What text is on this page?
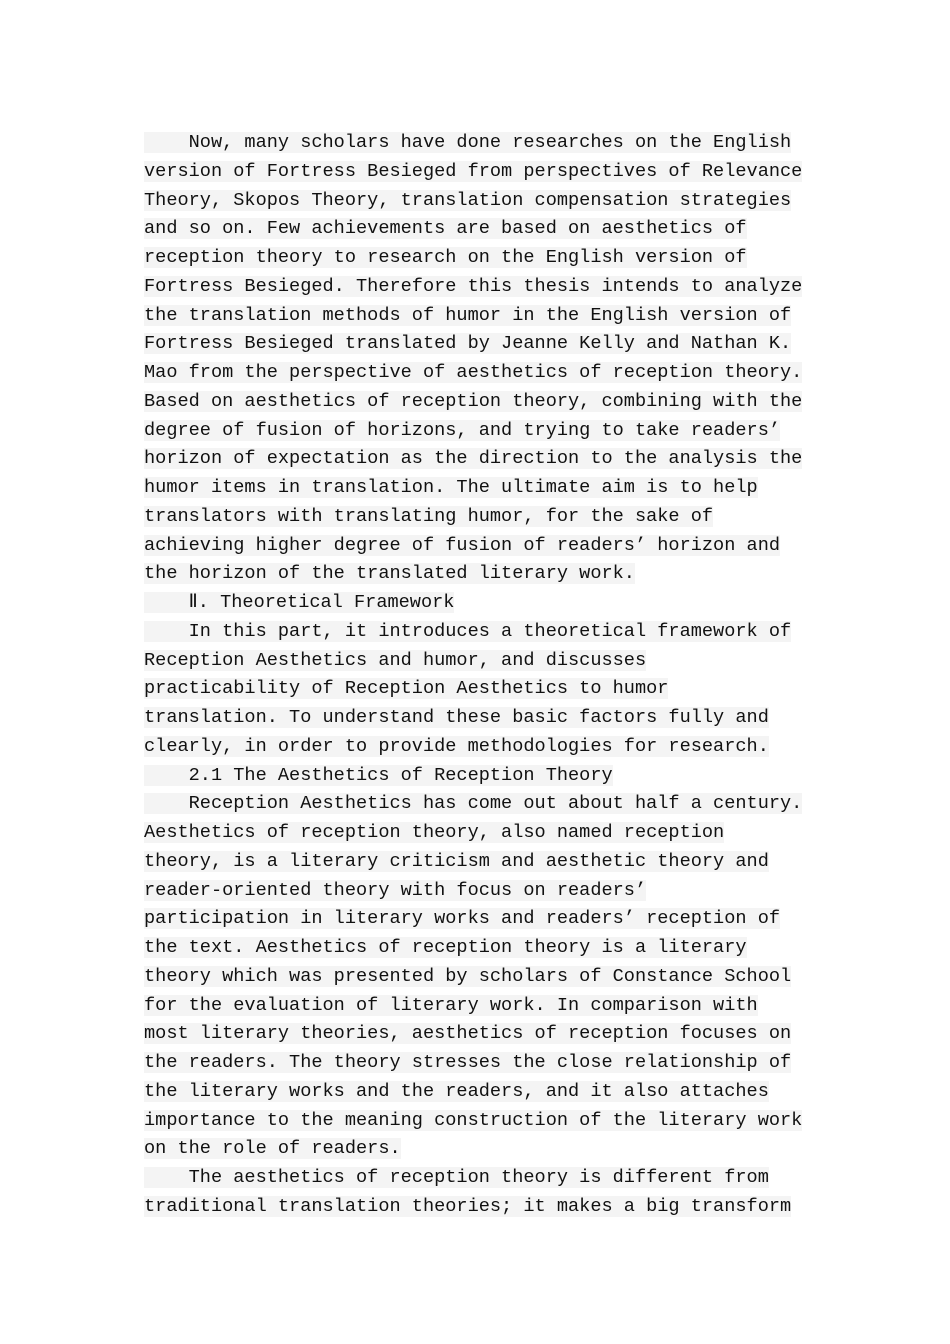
Now, many scholars have done researches on the English
version of Fortress Besieged from perspectives of Relevance
Theory, Skopos Theory, translation compensation strategies
and so on. Few achievements are based on aesthetics of
reception theory to research on the English version of
Fortress Besieged. Therefore this thesis intends to analyze
the translation methods of humor in the English version of
Fortress Besieged translated by Jeanne Kelly and Nathan K.
Mao from the perspective of aesthetics of reception theory.
Based on aesthetics of reception theory, combining with the
degree of fusion of horizons, and trying to take readers’
horizon of expectation as the direction to the analysis the
humor items in translation. The ultimate aim is to help
translators with translating humor, for the sake of
achieving higher degree of fusion of readers’ horizon and
the horizon of the translated literary work.
Ⅱ. Theoretical Framework
In this part, it introduces a theoretical framework of
Reception Aesthetics and humor, and discusses
practicability of Reception Aesthetics to humor
translation. To understand these basic factors fully and
clearly, in order to provide methodologies for research.
2.1 The Aesthetics of Reception Theory
Reception Aesthetics has come out about half a century.
Aesthetics of reception theory, also named reception
theory, is a literary criticism and aesthetic theory and
reader-oriented theory with focus on readers’
participation in literary works and readers’ reception of
the text. Aesthetics of reception theory is a literary
theory which was presented by scholars of Constance School
for the evaluation of literary work. In comparison with
most literary theories, aesthetics of reception focuses on
the readers. The theory stresses the close relationship of
the literary works and the readers, and it also attaches
importance to the meaning construction of the literary work
on the role of readers.
The aesthetics of reception theory is different from
traditional translation theories; it makes a big transform
